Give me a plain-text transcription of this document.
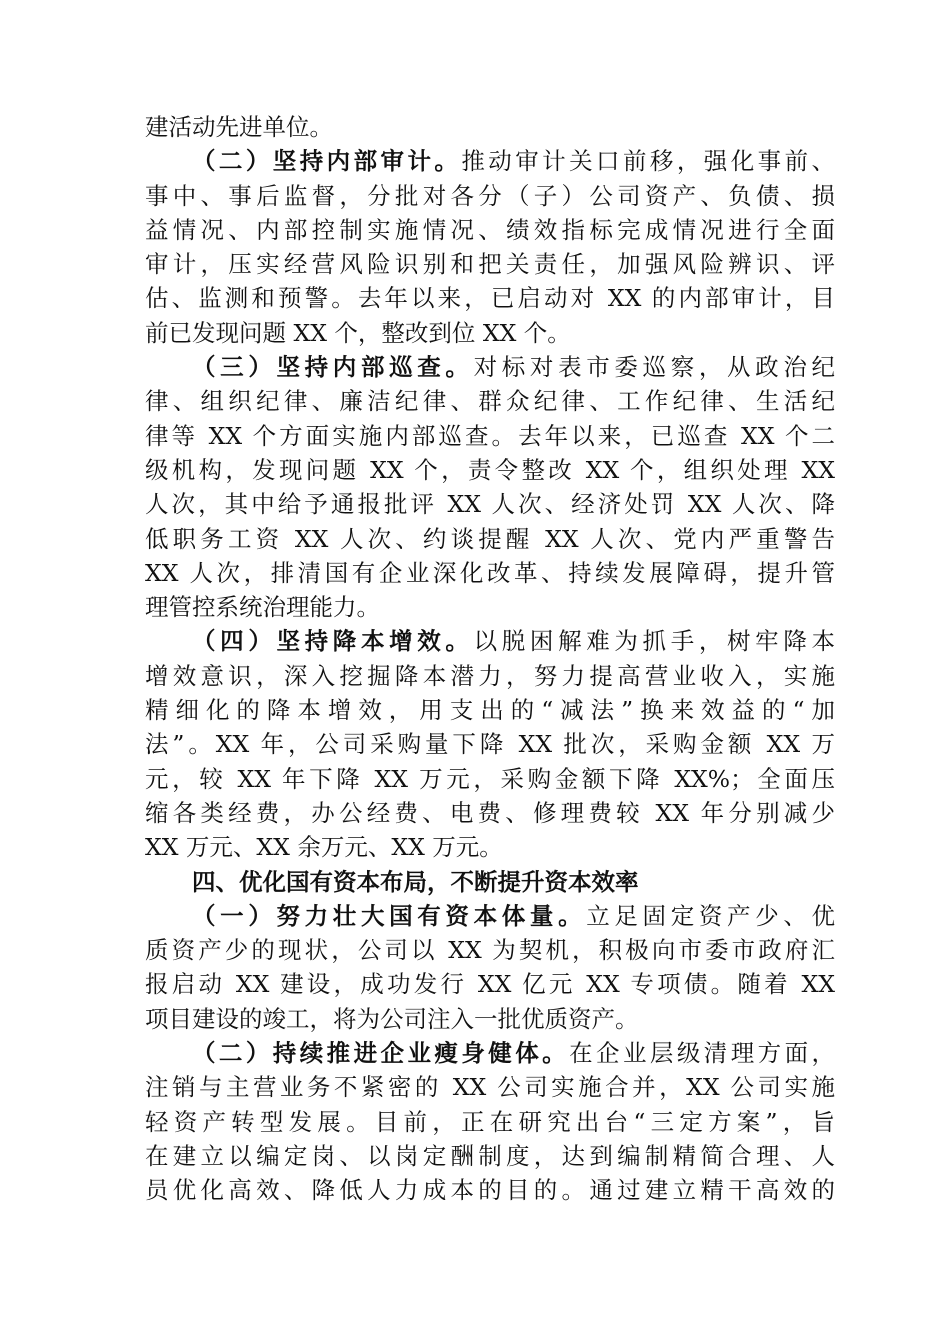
建活动先进单位。
（二）坚持内部审计。推动审计关口前移，强化事前、
事中、事后监督，分批对各分（子）公司资产、负债、损
益情况、内部控制实施情况、绩效指标完成情况进行全面
审计，压实经营风险识别和把关责任，加强风险辨识、评
估、监测和预警。去年以来，已启动对 XX 的内部审计，目
前已发现问题 XX 个，整改到位 XX 个。
（三）坚持内部巡查。对标对表市委巡察，从政治纪
律、组织纪律、廉洁纪律、群众纪律、工作纪律、生活纪
律等 XX 个方面实施内部巡查。去年以来，已巡查 XX 个二
级机构，发现问题 XX 个，责令整改 XX 个，组织处理 XX
人次，其中给予通报批评 XX 人次、经济处罚 XX 人次、降
低职务工资 XX 人次、约谈提醒 XX 人次、党内严重警告
XX 人次，排清国有企业深化改革、持续发展障碍，提升管
理管控系统治理能力。
（四）坚持降本增效。以脱困解难为抓手，树牢降本
增效意识，深入挖掘降本潜力，努力提高营业收入，实施
精细化的降本增效，用支出的“减法”换来效益的“加
法”。XX 年，公司采购量下降 XX 批次，采购金额 XX 万
元，较 XX 年下降 XX 万元，采购金额下降 XX%；全面压
缩各类经费，办公经费、电费、修理费较 XX 年分别减少
XX 万元、XX 余万元、XX 万元。
四、优化国有资本布局，不断提升资本效率
（一）努力壮大国有资本体量。立足固定资产少、优
质资产少的现状，公司以 XX 为契机，积极向市委市政府汇
报启动 XX 建设，成功发行 XX 亿元 XX 专项债。随着 XX
项目建设的竣工，将为公司注入一批优质资产。
（二）持续推进企业瘦身健体。在企业层级清理方面，
注销与主营业务不紧密的 XX 公司实施合并，XX 公司实施
轻资产转型发展。目前，正在研究出台“三定方案”，旨
在建立以编定岗、以岗定酬制度，达到编制精简合理、人
员优化高效、降低人力成本的目的。通过建立精干高效的
